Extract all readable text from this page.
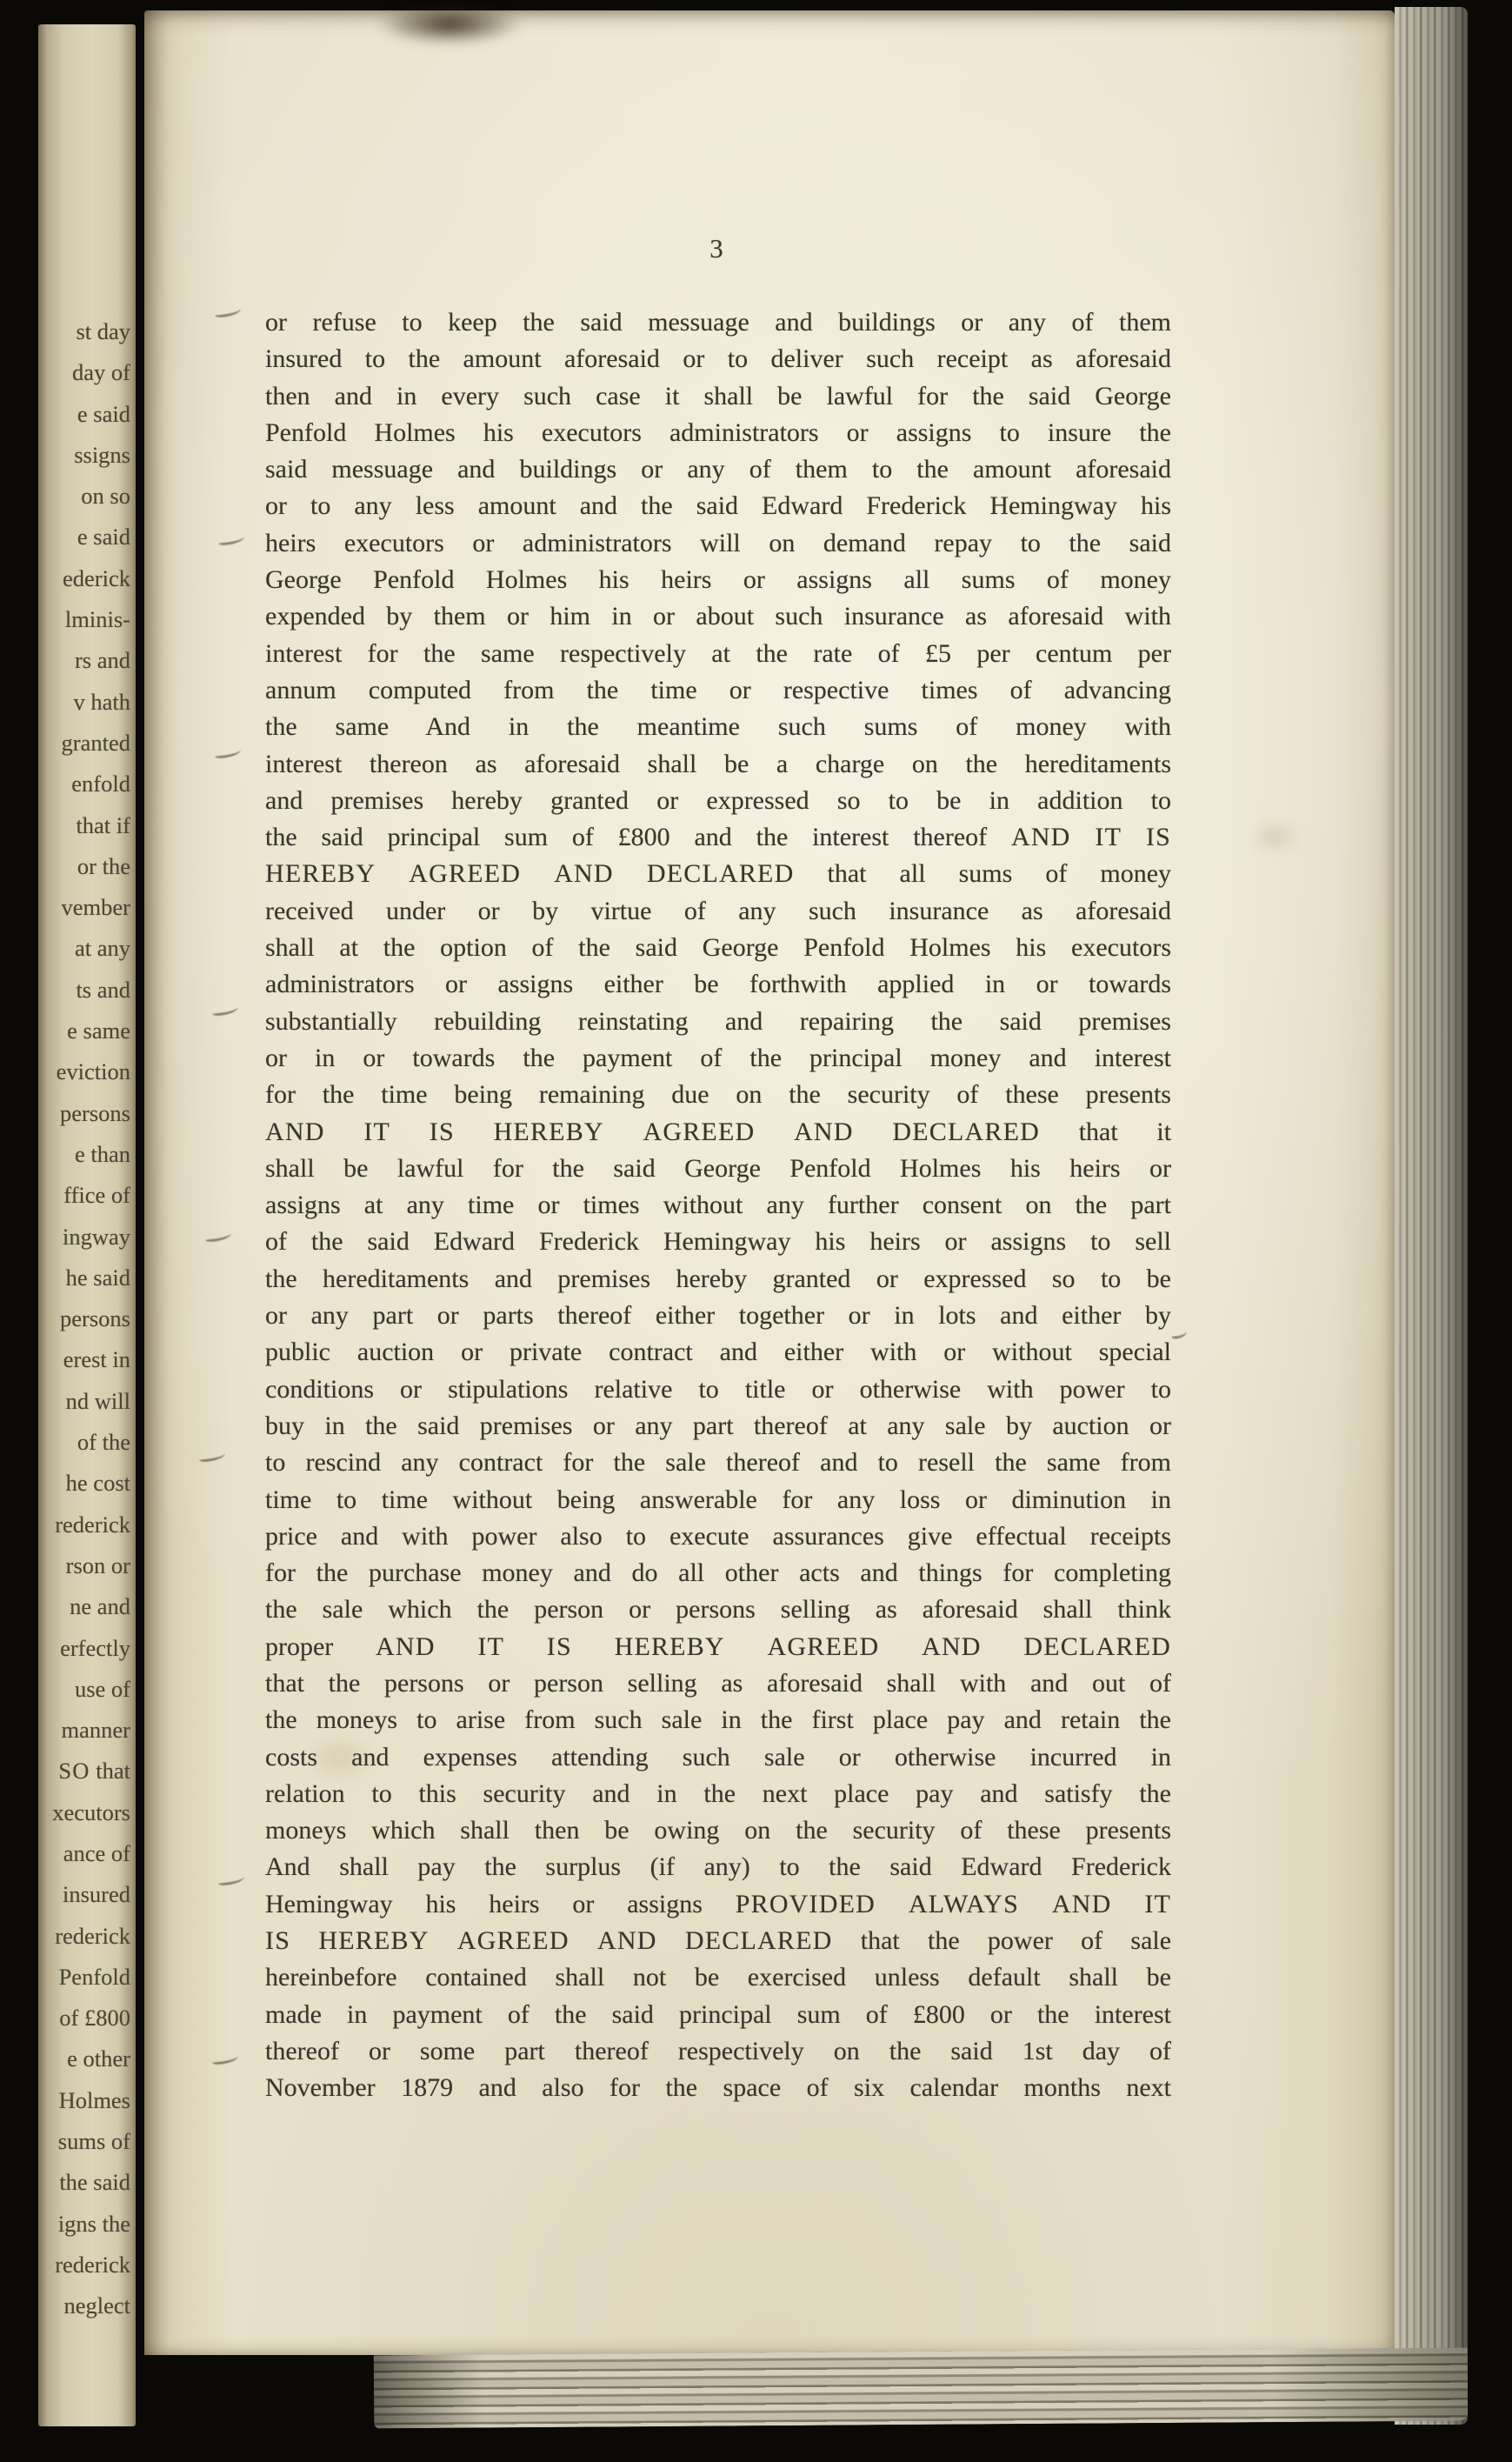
st day
day of
e said
ssigns
on so
e said
ederick
lminis-
rs and
v hath
granted
enfold
that if
or the
vember
at any
ts and
e same
eviction
persons
e than
ffice of
ingway
he said
persons
erest in
nd will
of the
he cost
rederick
rson or
ne and
erfectly
use of
manner
SO that
xecutors
ance of
insured
rederick
Penfold
of £800
e other
Holmes
sums of
the said
igns the
rederick
neglect
3
or refuse to keep the said messuage and buildings or any of them
insured to the amount aforesaid or to deliver such receipt as aforesaid
then and in every such case it shall be lawful for the said George
Penfold Holmes his executors administrators or assigns to insure the
said messuage and buildings or any of them to the amount aforesaid
or to any less amount and the said Edward Frederick Hemingway his
heirs executors or administrators will on demand repay to the said
George Penfold Holmes his heirs or assigns all sums of money
expended by them or him in or about such insurance as aforesaid with
interest for the same respectively at the rate of £5 per centum per
annum computed from the time or respective times of advancing
the same And in the meantime such sums of money with
interest thereon as aforesaid shall be a charge on the hereditaments
and premises hereby granted or expressed so to be in addition to
the said principal sum of £800 and the interest thereof AND IT IS
HEREBY AGREED AND DECLARED that all sums of money
received under or by virtue of any such insurance as aforesaid
shall at the option of the said George Penfold Holmes his executors
administrators or assigns either be forthwith applied in or towards
substantially rebuilding reinstating and repairing the said premises
or in or towards the payment of the principal money and interest
for the time being remaining due on the security of these presents
AND IT IS HEREBY AGREED AND DECLARED that it
shall be lawful for the said George Penfold Holmes his heirs or
assigns at any time or times without any further consent on the part
of the said Edward Frederick Hemingway his heirs or assigns to sell
the hereditaments and premises hereby granted or expressed so to be
or any part or parts thereof either together or in lots and either by
public auction or private contract and either with or without special
conditions or stipulations relative to title or otherwise with power to
buy in the said premises or any part thereof at any sale by auction or
to rescind any contract for the sale thereof and to resell the same from
time to time without being answerable for any loss or diminution in
price and with power also to execute assurances give effectual receipts
for the purchase money and do all other acts and things for completing
the sale which the person or persons selling as aforesaid shall think
proper AND IT IS HEREBY AGREED AND DECLARED
that the persons or person selling as aforesaid shall with and out of
the moneys to arise from such sale in the first place pay and retain the
costs and expenses attending such sale or otherwise incurred in
relation to this security and in the next place pay and satisfy the
moneys which shall then be owing on the security of these presents
And shall pay the surplus (if any) to the said Edward Frederick
Hemingway his heirs or assigns PROVIDED ALWAYS AND IT
IS HEREBY AGREED AND DECLARED that the power of sale
hereinbefore contained shall not be exercised unless default shall be
made in payment of the said principal sum of £800 or the interest
thereof or some part thereof respectively on the said 1st day of
November 1879 and also for the space of six calendar months next
